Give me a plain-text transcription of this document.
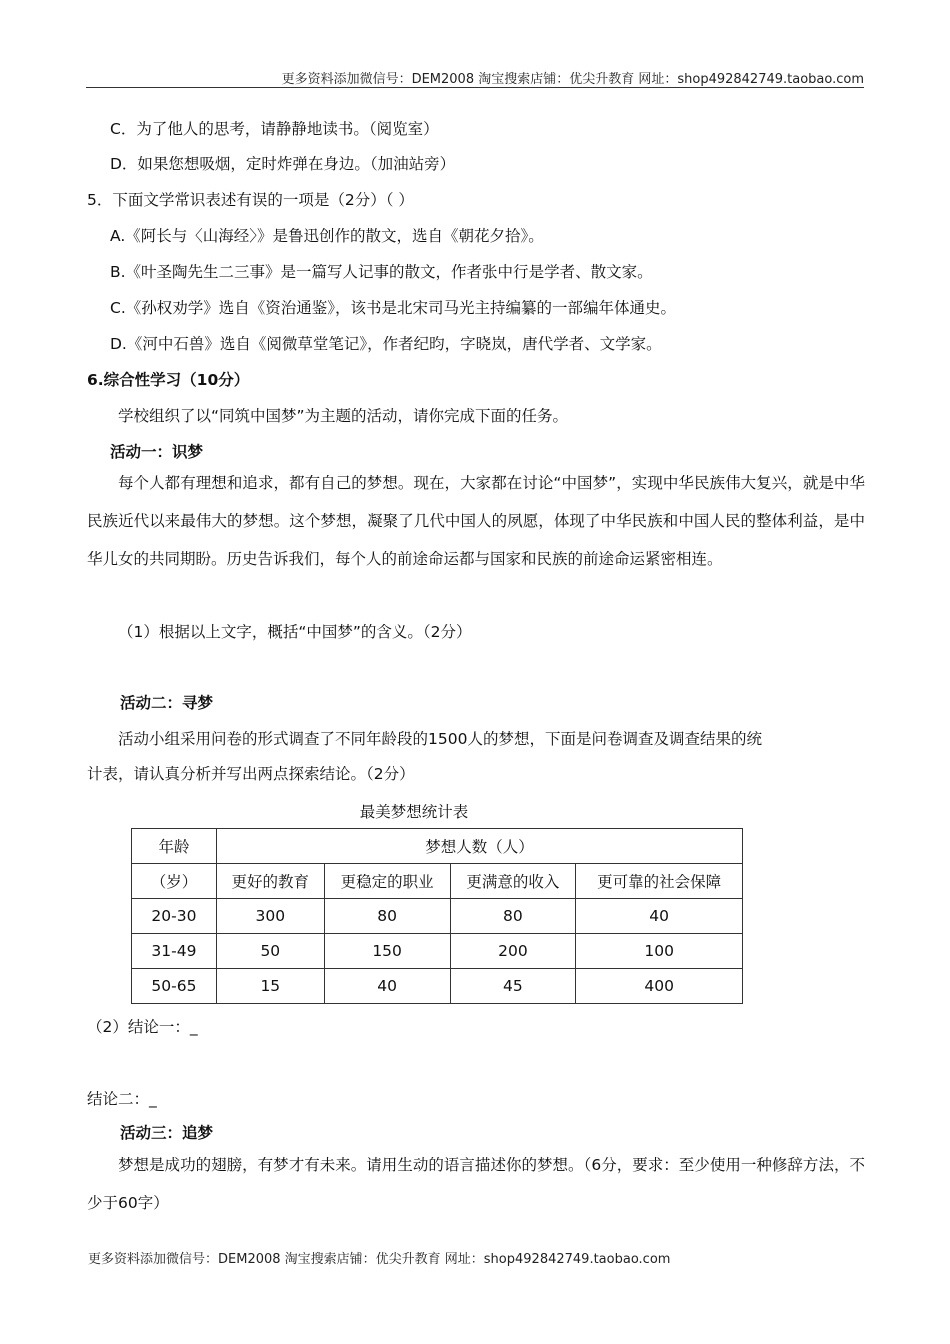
更多资料添加微信号：DEM2008 淘宝搜索店铺：优尖升教育 网址：shop492842749.taobao.com
C．为了他人的思考，请静静地读书。（阅览室）
D．如果您想吸烟，定时炸弹在身边。（加油站旁）
5．下面文学常识表述有误的一项是（2分）（ ）
A.《阿长与〈山海经〉》是鲁迅创作的散文，选自《朝花夕拾》。
B.《叶圣陶先生二三事》是一篇写人记事的散文，作者张中行是学者、散文家。
C.《孙权劝学》选自《资治通鉴》，该书是北宋司马光主持编纂的一部编年体通史。
D.《河中石兽》选自《阅微草堂笔记》，作者纪昀，字晓岚，唐代学者、文学家。
6.综合性学习（10分）
学校组织了以“同筑中国梦”为主题的活动，请你完成下面的任务。
活动一：识梦
每个人都有理想和追求，都有自己的梦想。现在，大家都在讨论“中国梦”，实现中华民族伟大复兴，就是中华民族近代以来最伟大的梦想。这个梦想，凝聚了几代中国人的夙愿，体现了中华民族和中国人民的整体利益，是中华儿女的共同期盼。历史告诉我们，每个人的前途命运都与国家和民族的前途命运紧密相连。
（1）根据以上文字，概括“中国梦”的含义。（2分）
活动二：寻梦
活动小组采用问卷的形式调查了不同年龄段的1500人的梦想，下面是问卷调查及调查结果的统
计表，请认真分析并写出两点探索结论。（2分）
最美梦想统计表
年龄	梦想人数（人）			
（岁）	更好的教育	更稳定的职业	更满意的收入	更可靠的社会保障
20-30	300	80	80	40
31-49	50	150	200	100
50-65	15	40	45	400
（2）结论一：_
结论二：_
活动三：追梦
梦想是成功的翅膀，有梦才有未来。请用生动的语言描述你的梦想。（6分，要求：至少使用一种修辞方法，不少于60字）
更多资料添加微信号：DEM2008 淘宝搜索店铺：优尖升教育 网址：shop492842749.taobao.com
